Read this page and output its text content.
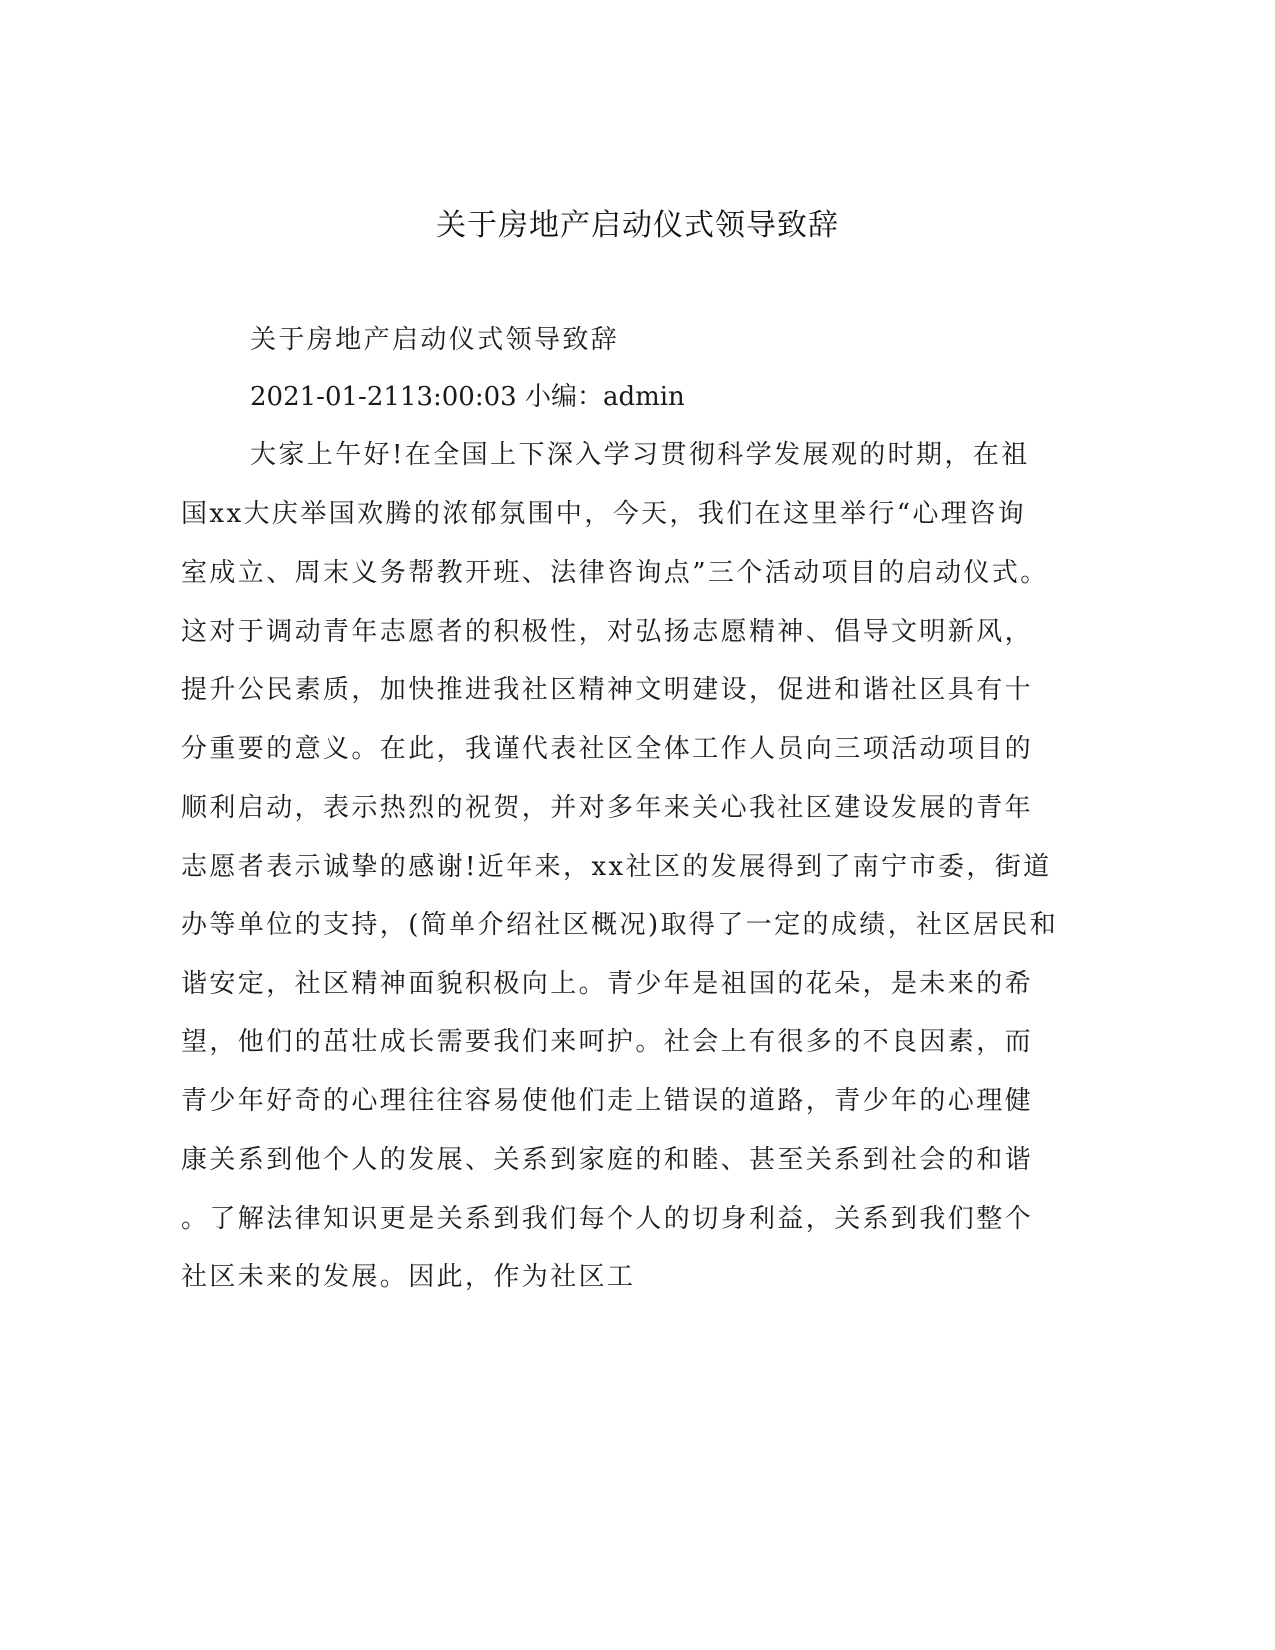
关于房地产启动仪式领导致辞
关于房地产启动仪式领导致辞
2021-01-2113:00:03 小编：admin
大家上午好!在全国上下深入学习贯彻科学发展观的时期，在祖
国xx大庆举国欢腾的浓郁氛围中，今天，我们在这里举行“心理咨询
室成立、周末义务帮教开班、法律咨询点”三个活动项目的启动仪式。
这对于调动青年志愿者的积极性，对弘扬志愿精神、倡导文明新风，
提升公民素质，加快推进我社区精神文明建设，促进和谐社区具有十
分重要的意义。在此，我谨代表社区全体工作人员向三项活动项目的
顺利启动，表示热烈的祝贺，并对多年来关心我社区建设发展的青年
志愿者表示诚挚的感谢!近年来，xx社区的发展得到了南宁市委，街道
办等单位的支持，(简单介绍社区概况)取得了一定的成绩，社区居民和
谐安定，社区精神面貌积极向上。青少年是祖国的花朵，是未来的希
望，他们的茁壮成长需要我们来呵护。社会上有很多的不良因素，而
青少年好奇的心理往往容易使他们走上错误的道路，青少年的心理健
康关系到他个人的发展、关系到家庭的和睦、甚至关系到社会的和谐
。了解法律知识更是关系到我们每个人的切身利益，关系到我们整个
社区未来的发展。因此，作为社区工
